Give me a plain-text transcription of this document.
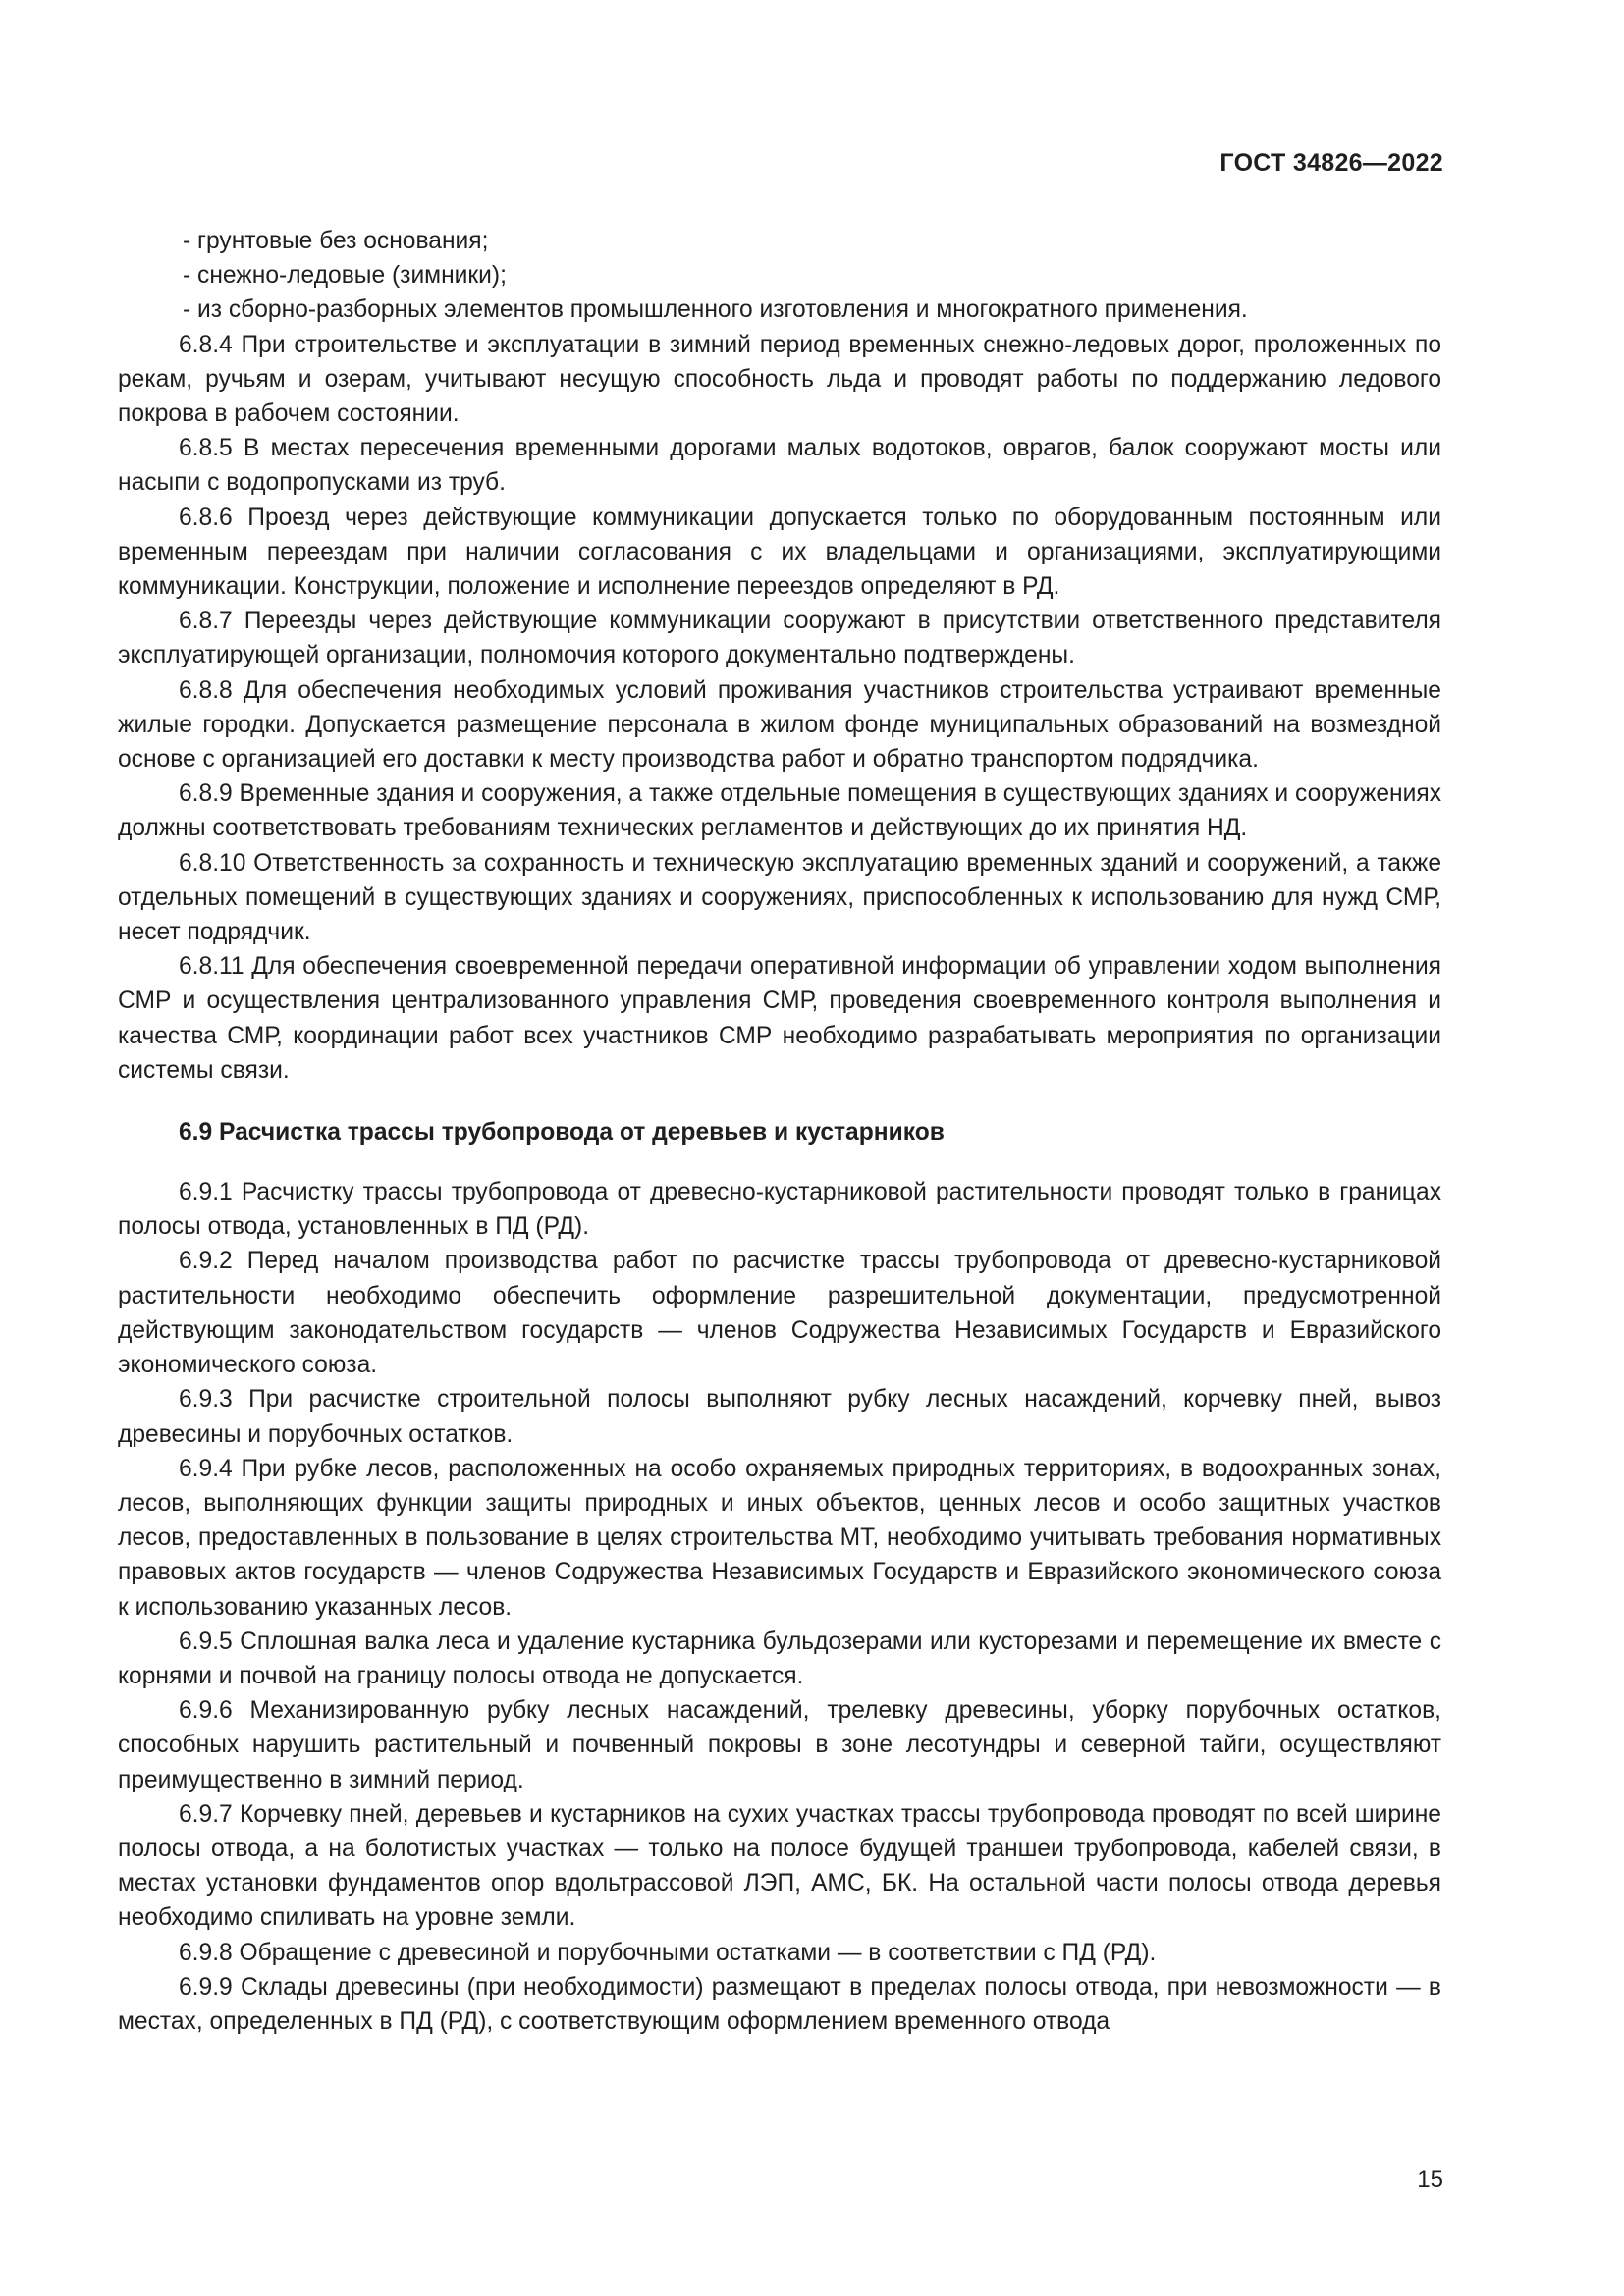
ГОСТ 34826—2022

- грунтовые без основания;

- снежно-ледовые (зимники);

- из сборно-разборных элементов промышленного изготовления и многократного применения.

6.8.4 При строительстве и эксплуатации в зимний период временных снежно-ледовых дорог, проложенных по рекам, ручьям и озерам, учитывают несущую способность льда и проводят работы по поддержанию ледового покрова в рабочем состоянии.

6.8.5 В местах пересечения временными дорогами малых водотоков, оврагов, балок сооружают мосты или насыпи с водопропусками из труб.

6.8.6 Проезд через действующие коммуникации допускается только по оборудованным постоянным или временным переездам при наличии согласования с их владельцами и организациями, эксплуатирующими коммуникации. Конструкции, положение и исполнение переездов определяют в РД.

6.8.7 Переезды через действующие коммуникации сооружают в присутствии ответственного представителя эксплуатирующей организации, полномочия которого документально подтверждены.

6.8.8 Для обеспечения необходимых условий проживания участников строительства устраивают временные жилые городки. Допускается размещение персонала в жилом фонде муниципальных образований на возмездной основе с организацией его доставки к месту производства работ и обратно транспортом подрядчика.

6.8.9 Временные здания и сооружения, а также отдельные помещения в существующих зданиях и сооружениях должны соответствовать требованиям технических регламентов и действующих до их принятия НД.

6.8.10 Ответственность за сохранность и техническую эксплуатацию временных зданий и сооружений, а также отдельных помещений в существующих зданиях и сооружениях, приспособленных к использованию для нужд СМР, несет подрядчик.

6.8.11 Для обеспечения своевременной передачи оперативной информации об управлении ходом выполнения СМР и осуществления централизованного управления СМР, проведения своевременного контроля выполнения и качества СМР, координации работ всех участников СМР необходимо разрабатывать мероприятия по организации системы связи.

6.9 Расчистка трассы трубопровода от деревьев и кустарников

6.9.1 Расчистку трассы трубопровода от древесно-кустарниковой растительности проводят только в границах полосы отвода, установленных в ПД (РД).

6.9.2 Перед началом производства работ по расчистке трассы трубопровода от древесно-кустарниковой растительности необходимо обеспечить оформление разрешительной документации, предусмотренной действующим законодательством государств — членов Содружества Независимых Государств и Евразийского экономического союза.

6.9.3 При расчистке строительной полосы выполняют рубку лесных насаждений, корчевку пней, вывоз древесины и порубочных остатков.

6.9.4 При рубке лесов, расположенных на особо охраняемых природных территориях, в водоохранных зонах, лесов, выполняющих функции защиты природных и иных объектов, ценных лесов и особо защитных участков лесов, предоставленных в пользование в целях строительства МТ, необходимо учитывать требования нормативных правовых актов государств — членов Содружества Независимых Государств и Евразийского экономического союза к использованию указанных лесов.

6.9.5 Сплошная валка леса и удаление кустарника бульдозерами или кусторезами и перемещение их вместе с корнями и почвой на границу полосы отвода не допускается.

6.9.6 Механизированную рубку лесных насаждений, трелевку древесины, уборку порубочных остатков, способных нарушить растительный и почвенный покровы в зоне лесотундры и северной тайги, осуществляют преимущественно в зимний период.

6.9.7 Корчевку пней, деревьев и кустарников на сухих участках трассы трубопровода проводят по всей ширине полосы отвода, а на болотистых участках — только на полосе будущей траншеи трубопровода, кабелей связи, в местах установки фундаментов опор вдольтрассовой ЛЭП, АМС, БК. На остальной части полосы отвода деревья необходимо спиливать на уровне земли.

6.9.8 Обращение с древесиной и порубочными остатками — в соответствии с ПД (РД).

6.9.9 Склады древесины (при необходимости) размещают в пределах полосы отвода, при невозможности — в местах, определенных в ПД (РД), с соответствующим оформлением временного отвода

15
